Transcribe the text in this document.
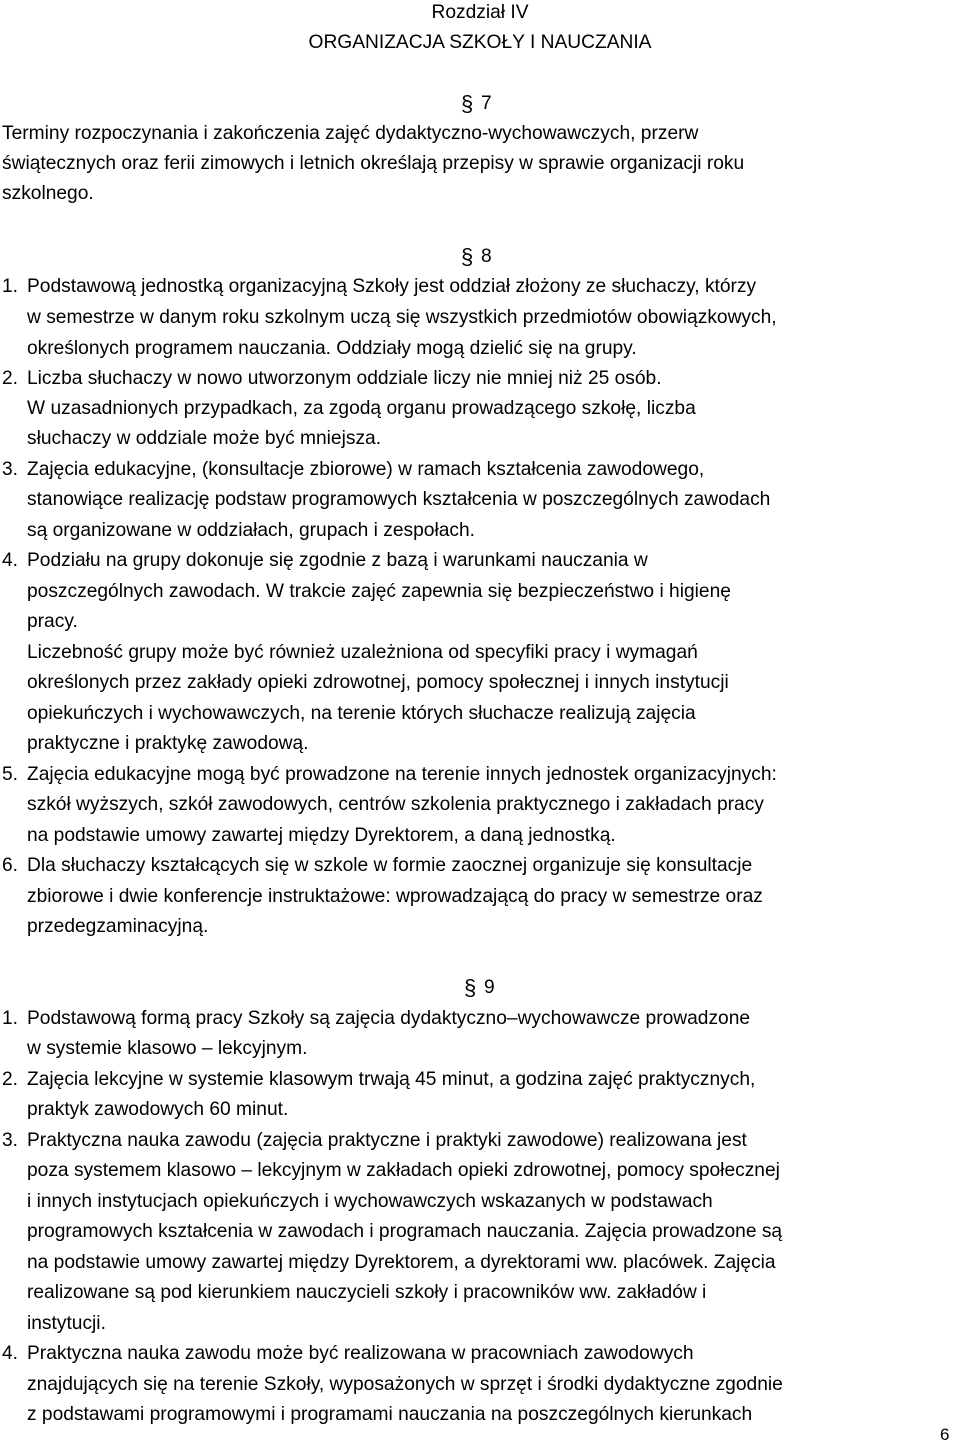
Rozdział IV
ORGANIZACJA SZKOŁY I NAUCZANIA
§ 7
Terminy rozpoczynania i zakończenia zajęć dydaktyczno-wychowawczych, przerw
świątecznych oraz ferii zimowych i letnich określają przepisy w sprawie organizacji roku
szkolnego.
§ 8
1. Podstawową jednostką organizacyjną Szkoły jest oddział złożony ze słuchaczy, którzy
w semestrze w danym roku szkolnym uczą się wszystkich przedmiotów obowiązkowych,
określonych programem nauczania. Oddziały mogą dzielić się na grupy.
2. Liczba słuchaczy w nowo utworzonym oddziale liczy nie mniej niż 25 osób.
W uzasadnionych przypadkach, za zgodą organu prowadzącego szkołę, liczba
słuchaczy w oddziale może być mniejsza.
3. Zajęcia edukacyjne, (konsultacje zbiorowe) w ramach kształcenia zawodowego,
stanowiące realizację podstaw programowych kształcenia w poszczególnych zawodach
są organizowane w oddziałach, grupach i zespołach.
4. Podziału na grupy dokonuje się zgodnie z bazą i warunkami nauczania w
poszczególnych zawodach. W trakcie zajęć zapewnia się bezpieczeństwo i higienę
pracy.
Liczebność grupy może być również uzależniona od specyfiki pracy i wymagań
określonych przez zakłady opieki zdrowotnej, pomocy społecznej i innych instytucji
opiekuńczych i wychowawczych, na terenie których słuchacze realizują zajęcia
praktyczne i praktykę zawodową.
5. Zajęcia edukacyjne mogą być prowadzone na terenie innych jednostek organizacyjnych:
szkół wyższych, szkół zawodowych, centrów szkolenia praktycznego i zakładach pracy
na podstawie umowy zawartej między Dyrektorem, a daną jednostką.
6. Dla słuchaczy kształcących się w szkole w formie zaocznej organizuje się konsultacje
zbiorowe i dwie konferencje instruktażowe: wprowadzającą do pracy w semestrze oraz
przedegzaminacyjną.
§ 9
1. Podstawową formą pracy Szkoły są zajęcia dydaktyczno–wychowawcze prowadzone
w systemie klasowo – lekcyjnym.
2. Zajęcia lekcyjne w systemie klasowym trwają 45 minut, a godzina zajęć praktycznych,
praktyk zawodowych 60 minut.
3. Praktyczna nauka zawodu (zajęcia praktyczne i praktyki zawodowe) realizowana jest
poza systemem klasowo – lekcyjnym w zakładach opieki zdrowotnej, pomocy społecznej
i innych instytucjach opiekuńczych i wychowawczych wskazanych w podstawach
programowych kształcenia w zawodach i programach nauczania. Zajęcia prowadzone są
na podstawie umowy zawartej między Dyrektorem, a dyrektorami ww. placówek. Zajęcia
realizowane są pod kierunkiem nauczycieli szkoły i pracowników ww. zakładów i
instytucji.
4. Praktyczna nauka zawodu może być realizowana w pracowniach zawodowych
znajdujących się na terenie Szkoły, wyposażonych w sprzęt i środki dydaktyczne zgodnie
z podstawami programowymi i programami nauczania na poszczególnych kierunkach
6
